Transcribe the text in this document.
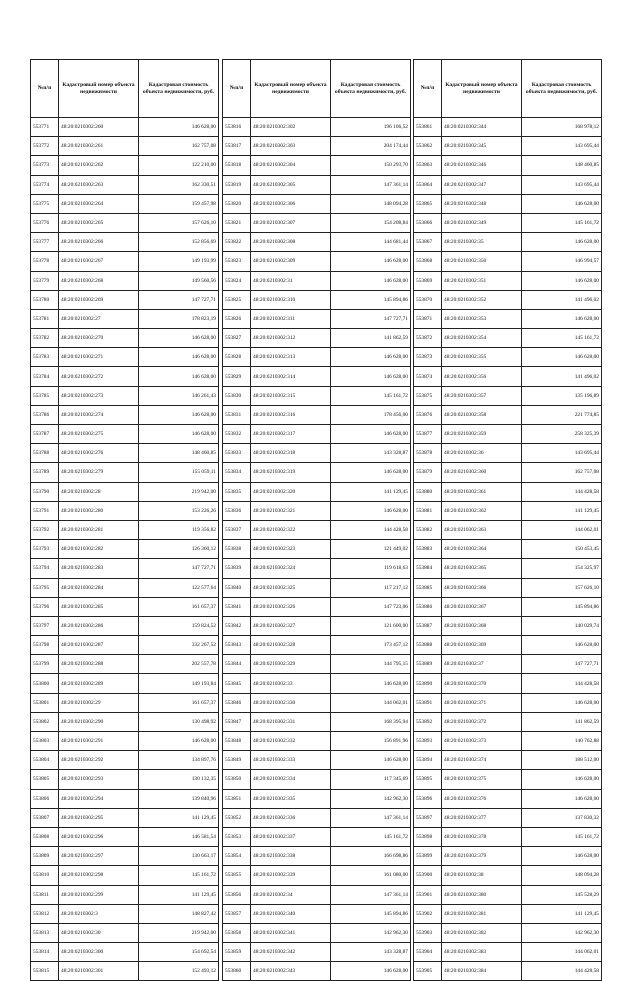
№п/п	Кадастровый номер объекта недвижимости	Кадастровая стоимость объекта недвижимости, руб.
553771	48:20:0210302:260	146 628,00
553772	48:20:0210302:261	162 757,08
553773	48:20:0210302:262	122 210,00
553774	48:20:0210302:263	162 330,51
553775	48:20:0210302:264	159 457,98
553776	48:20:0210302:265	157 626,10
553777	48:20:0210302:266	152 856,69
553778	48:20:0210302:267	149 193,99
553779	48:20:0210302:268	149 560,56
553780	48:20:0210302:269	147 727,71
553781	48:20:0210302:27	178 823,19
553782	48:20:0210302:270	146 628,00
553783	48:20:0210302:271	146 628,00
553784	48:20:0210302:272	146 628,00
553785	48:20:0210302:273	146 261,43
553786	48:20:0210302:274	146 628,00
553787	48:20:0210302:275	146 628,00
553788	48:20:0210302:276	148 460,85
553789	48:20:0210302:279	155 059,11
553790	48:20:0210302:28	219 942,00
553791	48:20:0210302:280	153 226,26
553792	48:20:0210302:281	119 356,82
553793	48:20:0210302:282	126 360,12
553794	48:20:0210302:283	147 727,71
553795	48:20:0210302:284	122 577,64
553796	48:20:0210302:285	161 657,37
553797	48:20:0210302:286	159 824,52
553798	48:20:0210302:287	332 267,52
553799	48:20:0210302:288	202 557,78
553800	48:20:0210302:289	149 193,84
553801	48:20:0210302:29	161 657,37
553802	48:20:0210302:290	130 498,92
553803	48:20:0210302:291	146 628,00
553804	48:20:0210302:292	134 897,76
553805	48:20:0210302:293	130 132,35
553806	48:20:0210302:294	139 840,96
553807	48:20:0210302:295	141 129,45
553808	48:20:0210302:296	146 581,54
553809	48:20:0210302:297	130 663,17
553810	48:20:0210302:298	145 161,72
553811	48:20:0210302:299	141 129,45
553812	48:20:0210302:3	148 827,42
553813	48:20:0210302:30	219 942,00
553814	48:20:0210302:300	154 692,54
553815	48:20:0210302:301	152 493,12
№п/п	Кадастровый номер объекта недвижимости	Кадастровая стоимость объекта недвижимости, руб.
553816	48:20:0210302:302	196 106,52
553817	48:20:0210302:303	204 174,44
553818	48:20:0210302:304	150 293,70
553819	48:20:0210302:305	147 361,14
553820	48:20:0210302:306	148 094,28
553821	48:20:0210302:307	154 208,84
553822	48:20:0210302:308	144 681,44
553823	48:20:0210302:309	146 628,00
553824	48:20:0210302:31	146 628,00
553825	48:20:0210302:310	145 894,86
553826	48:20:0210302:311	147 727,71
553827	48:20:0210302:312	141 862,59
553828	48:20:0210302:313	146 628,00
553829	48:20:0210302:314	146 628,00
553830	48:20:0210302:315	145 161,72
553831	48:20:0210302:316	178 456,00
553832	48:20:0210302:317	146 628,00
553833	48:20:0210302:318	143 328,87
553834	48:20:0210302:319	146 628,00
553835	48:20:0210302:320	141 129,45
553836	48:20:0210302:321	146 628,00
553837	48:20:0210302:322	144 428,58
553838	48:20:0210302:323	121 449,02
553839	48:20:0210302:324	119 618,63
553840	48:20:0210302:325	117 217,12
553841	48:20:0210302:326	147 723,06
553842	48:20:0210302:327	121 600,00
553843	48:20:0210302:328	173 457,12
553844	48:20:0210302:329	144 795,15
553845	48:20:0210302:33	146 628,00
553846	48:20:0210302:330	144 062,01
553847	48:20:0210302:331	168 395,94
553848	48:20:0210302:332	156 891,96
553849	48:20:0210302:333	146 628,00
553850	48:20:0210302:334	117 345,69
553851	48:20:0210302:335	142 962,30
553852	48:20:0210302:336	147 361,14
553853	48:20:0210302:337	145 161,72
553854	48:20:0210302:338	166 698,86
553855	48:20:0210302:339	161 080,00
553856	48:20:0210302:34	147 361,14
553857	48:20:0210302:340	145 894,86
553858	48:20:0210302:341	142 962,30
553859	48:20:0210302:342	143 328,87
553860	48:20:0210302:343	146 628,00
№п/п	Кадастровый номер объекта недвижимости	Кадастровая стоимость объекта недвижимости, руб.
553861	48:20:0210302:344	168 978,12
553862	48:20:0210302:345	143 695,44
553863	48:20:0210302:346	148 460,85
553864	48:20:0210302:347	143 695,44
553865	48:20:0210302:348	146 628,00
553866	48:20:0210302:349	145 161,72
553867	48:20:0210302:35	146 628,00
553868	48:20:0210302:350	146 994,57
553869	48:20:0210302:351	146 628,00
553870	48:20:0210302:352	141 496,02
553871	48:20:0210302:353	146 628,00
553872	48:20:0210302:354	145 161,72
553873	48:20:0210302:355	146 628,00
553874	48:20:0210302:356	141 496,02
553875	48:20:0210302:357	135 196,89
553876	48:20:0210302:358	221 774,85
553877	48:20:0210302:359	258 325,39
553878	48:20:0210302:36	143 695,44
553879	48:20:0210302:360	162 757,08
553880	48:20:0210302:361	144 428,58
553881	48:20:0210302:362	141 129,45
553882	48:20:0210302:363	144 062,01
553883	48:20:0210302:364	150 453,45
553884	48:20:0210302:365	154 325,97
553885	48:20:0210302:366	157 626,10
553886	48:20:0210302:367	145 894,86
553887	48:20:0210302:368	140 029,74
553888	48:20:0210302:369	146 628,00
553889	48:20:0210302:37	147 727,71
553890	48:20:0210302:370	144 428,58
553891	48:20:0210302:371	146 628,00
553892	48:20:0210302:372	141 862,59
553893	48:20:0210302:373	140 762,88
553894	48:20:0210302:374	188 512,00
553895	48:20:0210302:375	146 628,00
553896	48:20:0210302:376	146 628,00
553897	48:20:0210302:377	137 830,32
553898	48:20:0210302:378	145 161,72
553899	48:20:0210302:379	146 628,00
553900	48:20:0210302:38	148 094,28
553901	48:20:0210302:380	145 528,29
553902	48:20:0210302:381	141 129,45
553903	48:20:0210302:382	142 962,30
553904	48:20:0210302:383	144 062,01
553905	48:20:0210302:384	144 428,58
